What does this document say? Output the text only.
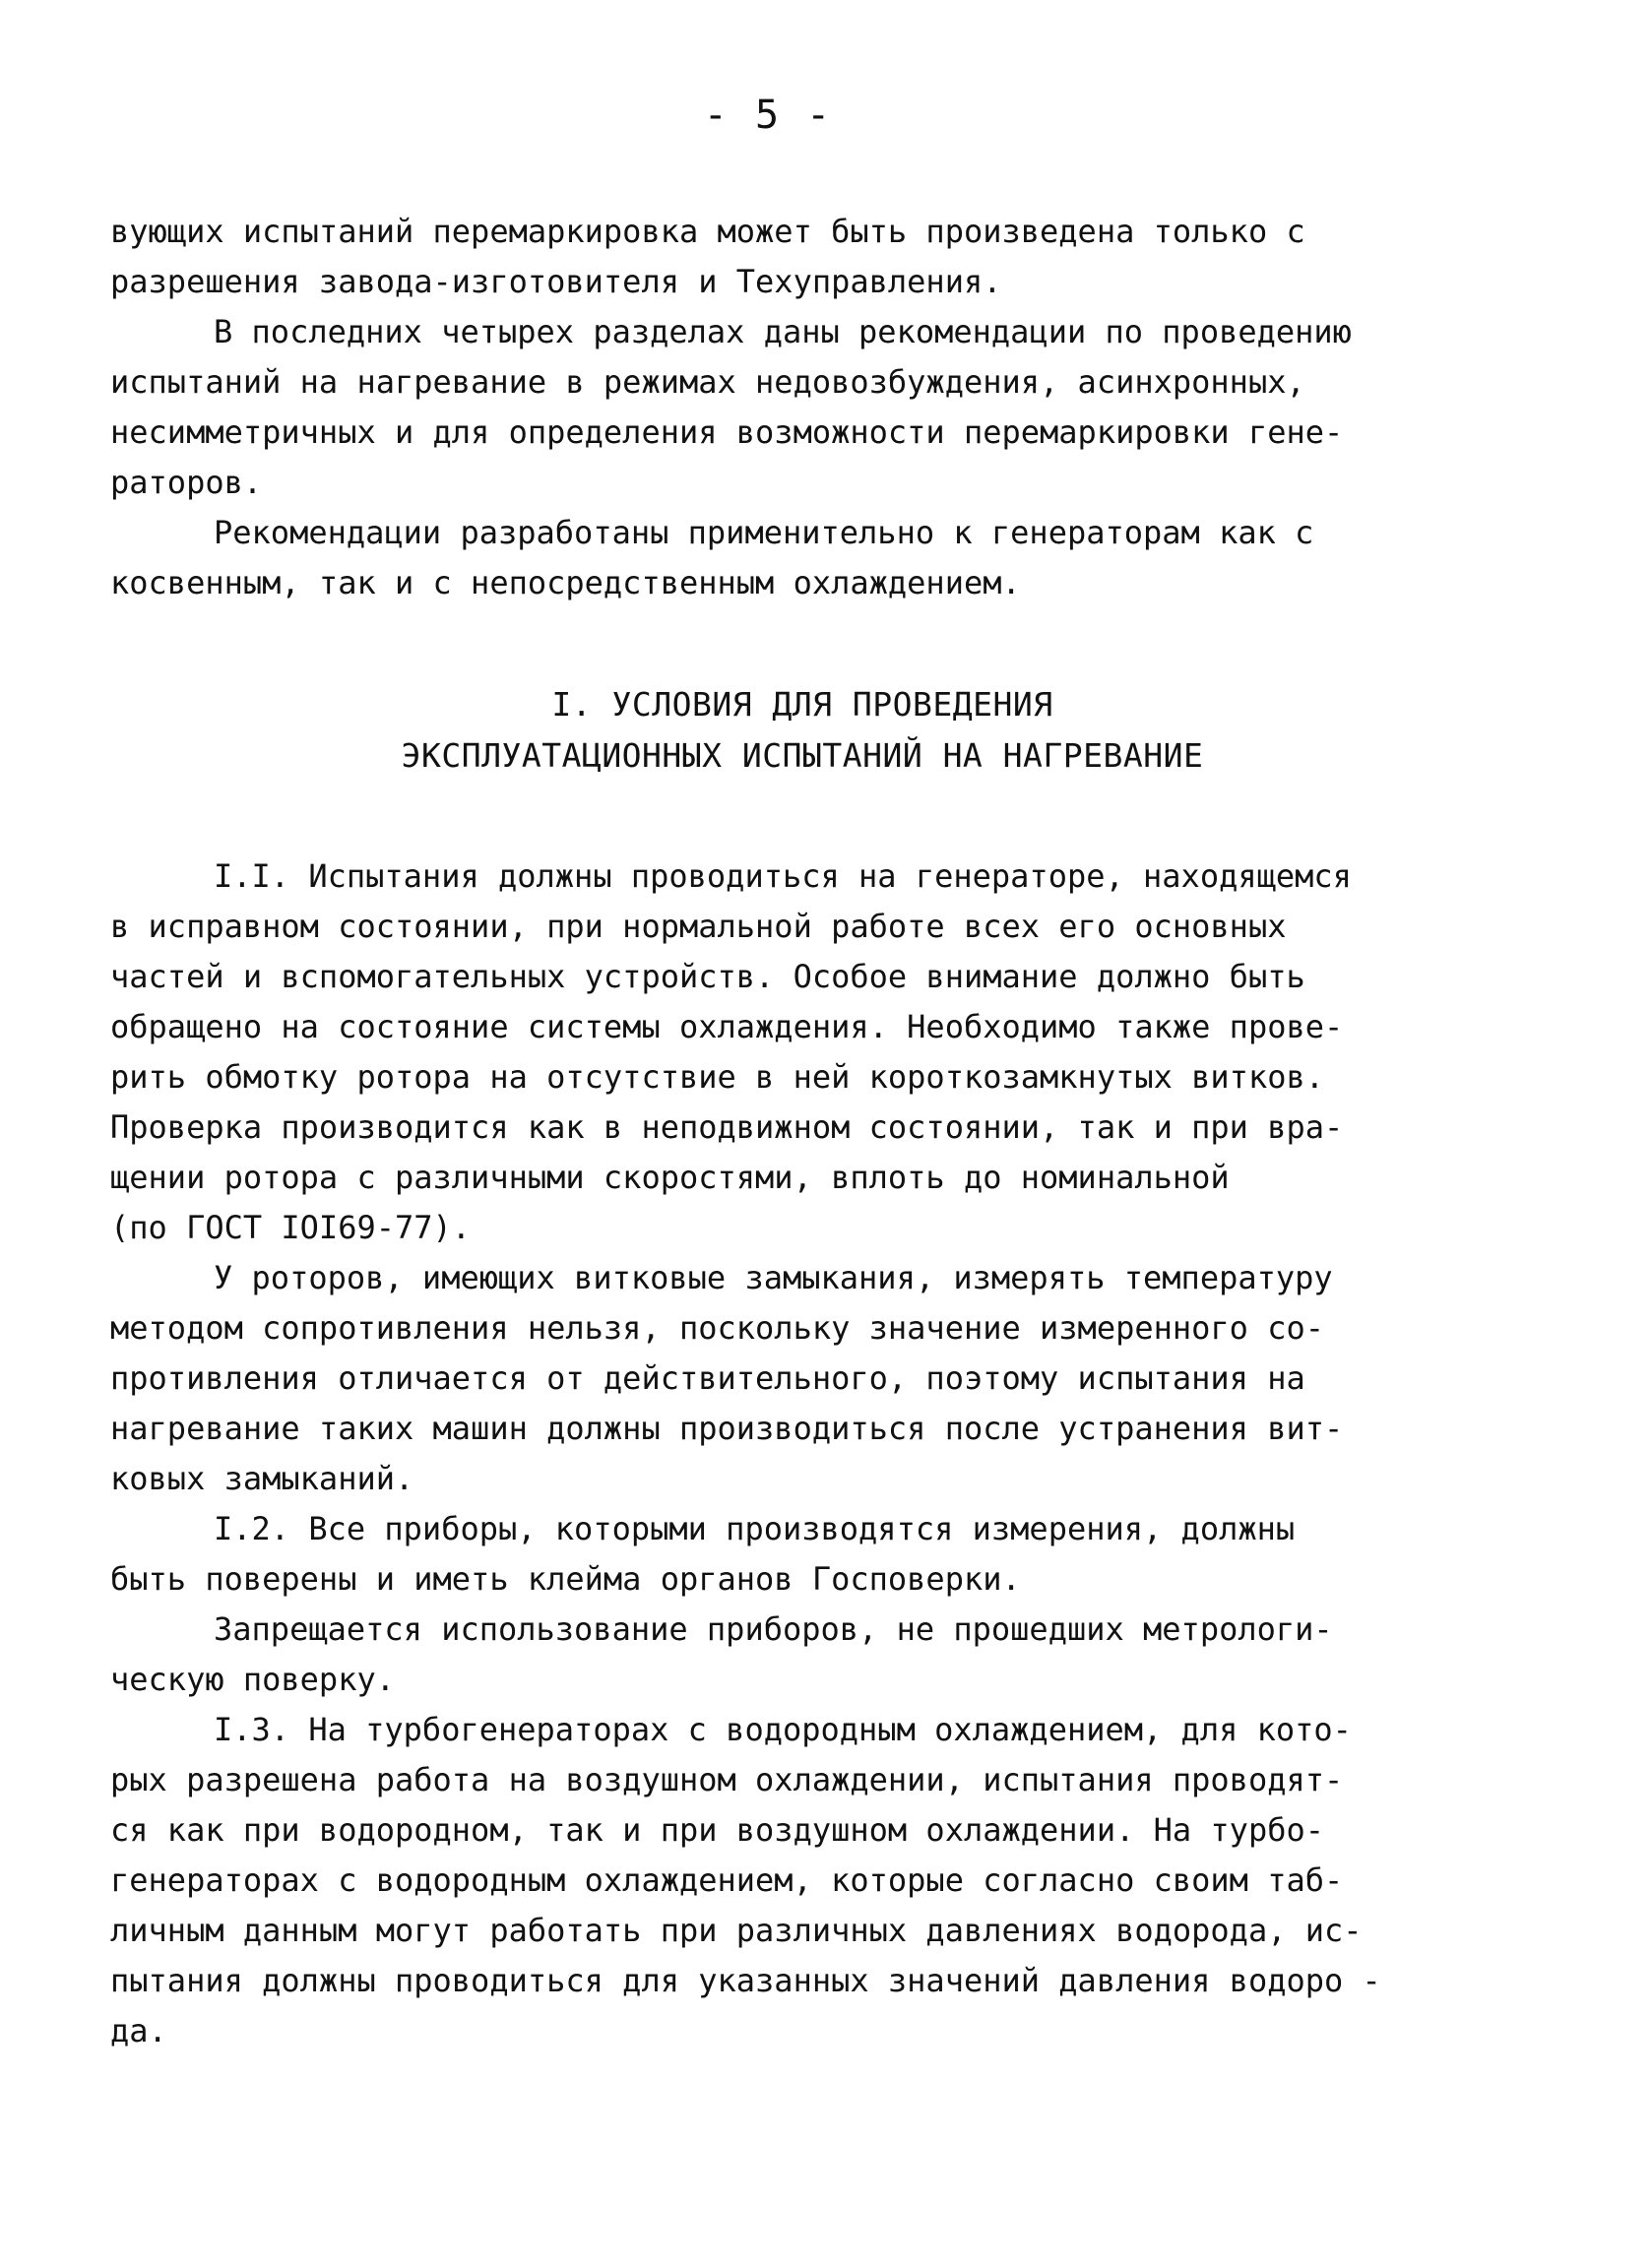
- 5 -
вующих испытаний перемаркировка может быть произведена только с
разрешения завода-изготовителя и Техуправления.
В последних четырех разделах даны рекомендации по проведению
испытаний на нагревание в режимах недовозбуждения, асинхронных,
несимметричных и для определения возможности перемаркировки гене-
раторов.
Рекомендации разработаны применительно к генераторам как с
косвенным, так и с непосредственным охлаждением.
I. УСЛОВИЯ ДЛЯ ПРОВЕДЕНИЯ
ЭКСПЛУАТАЦИОННЫХ ИСПЫТАНИЙ НА НАГРЕВАНИЕ
I.I. Испытания должны проводиться на генераторе, находящемся
в исправном состоянии, при нормальной работе всех его основных
частей и вспомогательных устройств. Особое внимание должно быть
обращено на состояние системы охлаждения. Необходимо также прове-
рить обмотку ротора на отсутствие в ней короткозамкнутых витков.
Проверка производится как в неподвижном состоянии, так и при вра-
щении ротора с различными скоростями, вплоть до номинальной
(по ГОСТ IOI69-77).
У роторов, имеющих витковые замыкания, измерять температуру
методом сопротивления нельзя, поскольку значение измеренного со-
противления отличается от действительного, поэтому испытания на
нагревание таких машин должны производиться после устранения вит-
ковых замыканий.
I.2. Все приборы, которыми производятся измерения, должны
быть поверены и иметь клейма органов Госповерки.
Запрещается использование приборов, не прошедших метрологи-
ческую поверку.
I.3. На турбогенераторах с водородным охлаждением, для кото-
рых разрешена работа на воздушном охлаждении, испытания проводят-
ся как при водородном, так и при воздушном охлаждении. На турбо-
генераторах с водородным охлаждением, которые согласно своим таб-
личным данным могут работать при различных давлениях водорода, ис-
пытания должны проводиться для указанных значений давления водоро -
да.
